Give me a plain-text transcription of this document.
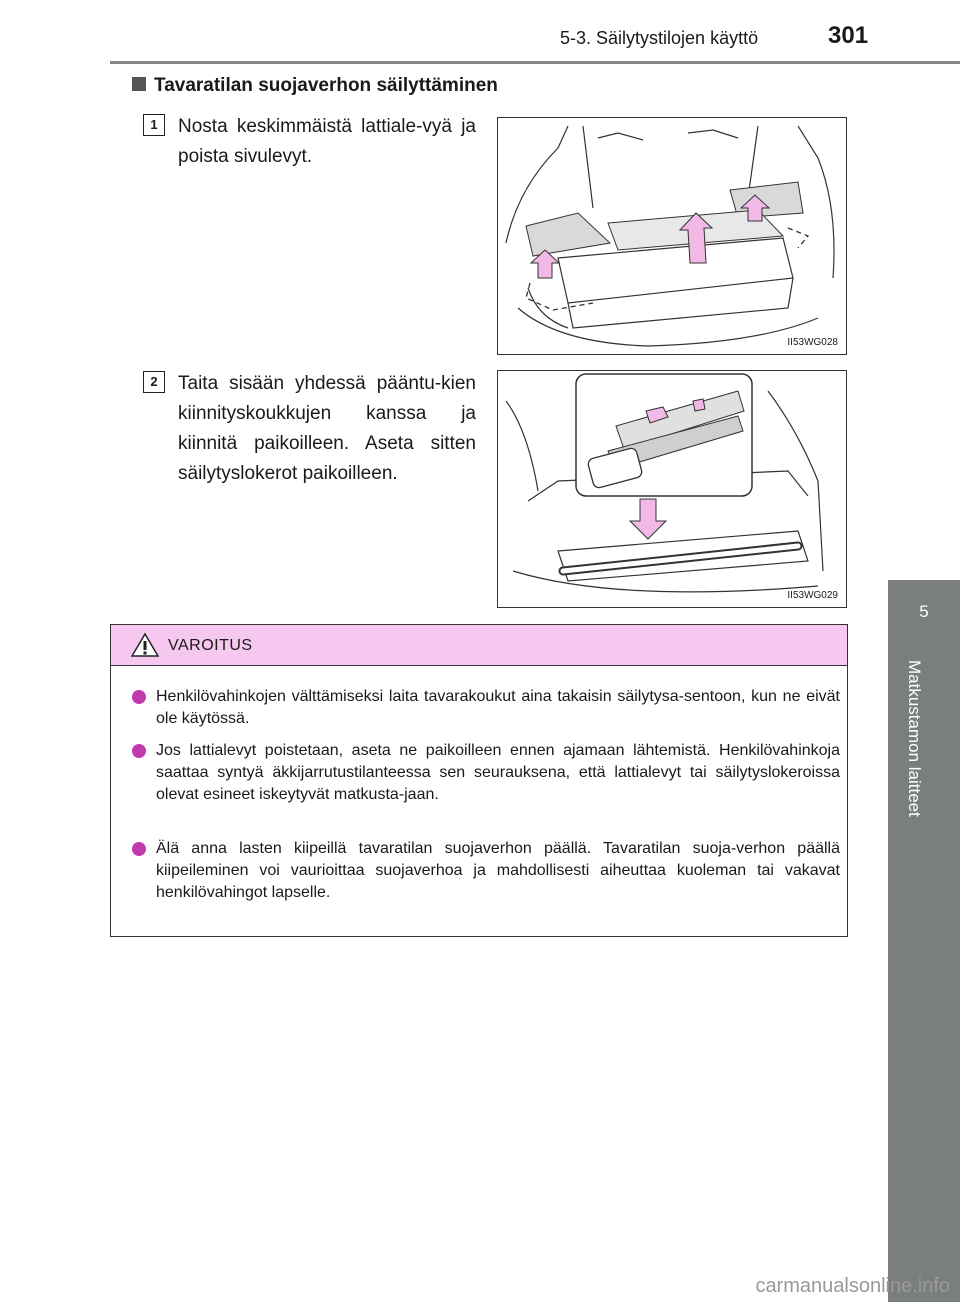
5-3. Säilytystilojen käyttö	301
5
Matkustamon laitteet
Tavaratilan suojaverhon säilyttäminen
1	Nosta keskimmäistä lattiale-vyä ja poista sivulevyt.
II53WG028
2	Taita sisään yhdessä pääntu-kien kiinnityskoukkujen kanssa ja kiinnitä paikoilleen. Aseta sitten säilytyslokerot paikoilleen.
II53WG029
VAROITUS
Henkilövahinkojen välttämiseksi laita tavarakoukut aina takaisin säilytysa-sentoon, kun ne eivät ole käytössä.
Jos lattialevyt poistetaan, aseta ne paikoilleen ennen ajamaan lähtemistä. Henkilövahinkoja saattaa syntyä äkkijarrutustilanteessa sen seurauksena, että lattialevyt tai säilytyslokeroissa olevat esineet iskeytyvät matkusta-jaan.
Älä anna lasten kiipeillä tavaratilan suojaverhon päällä. Tavaratilan suoja-verhon päällä kiipeileminen voi vaurioittaa suojaverhoa ja mahdollisesti aiheuttaa kuoleman tai vakavat henkilövahingot lapselle.
carmanualsonline.info
